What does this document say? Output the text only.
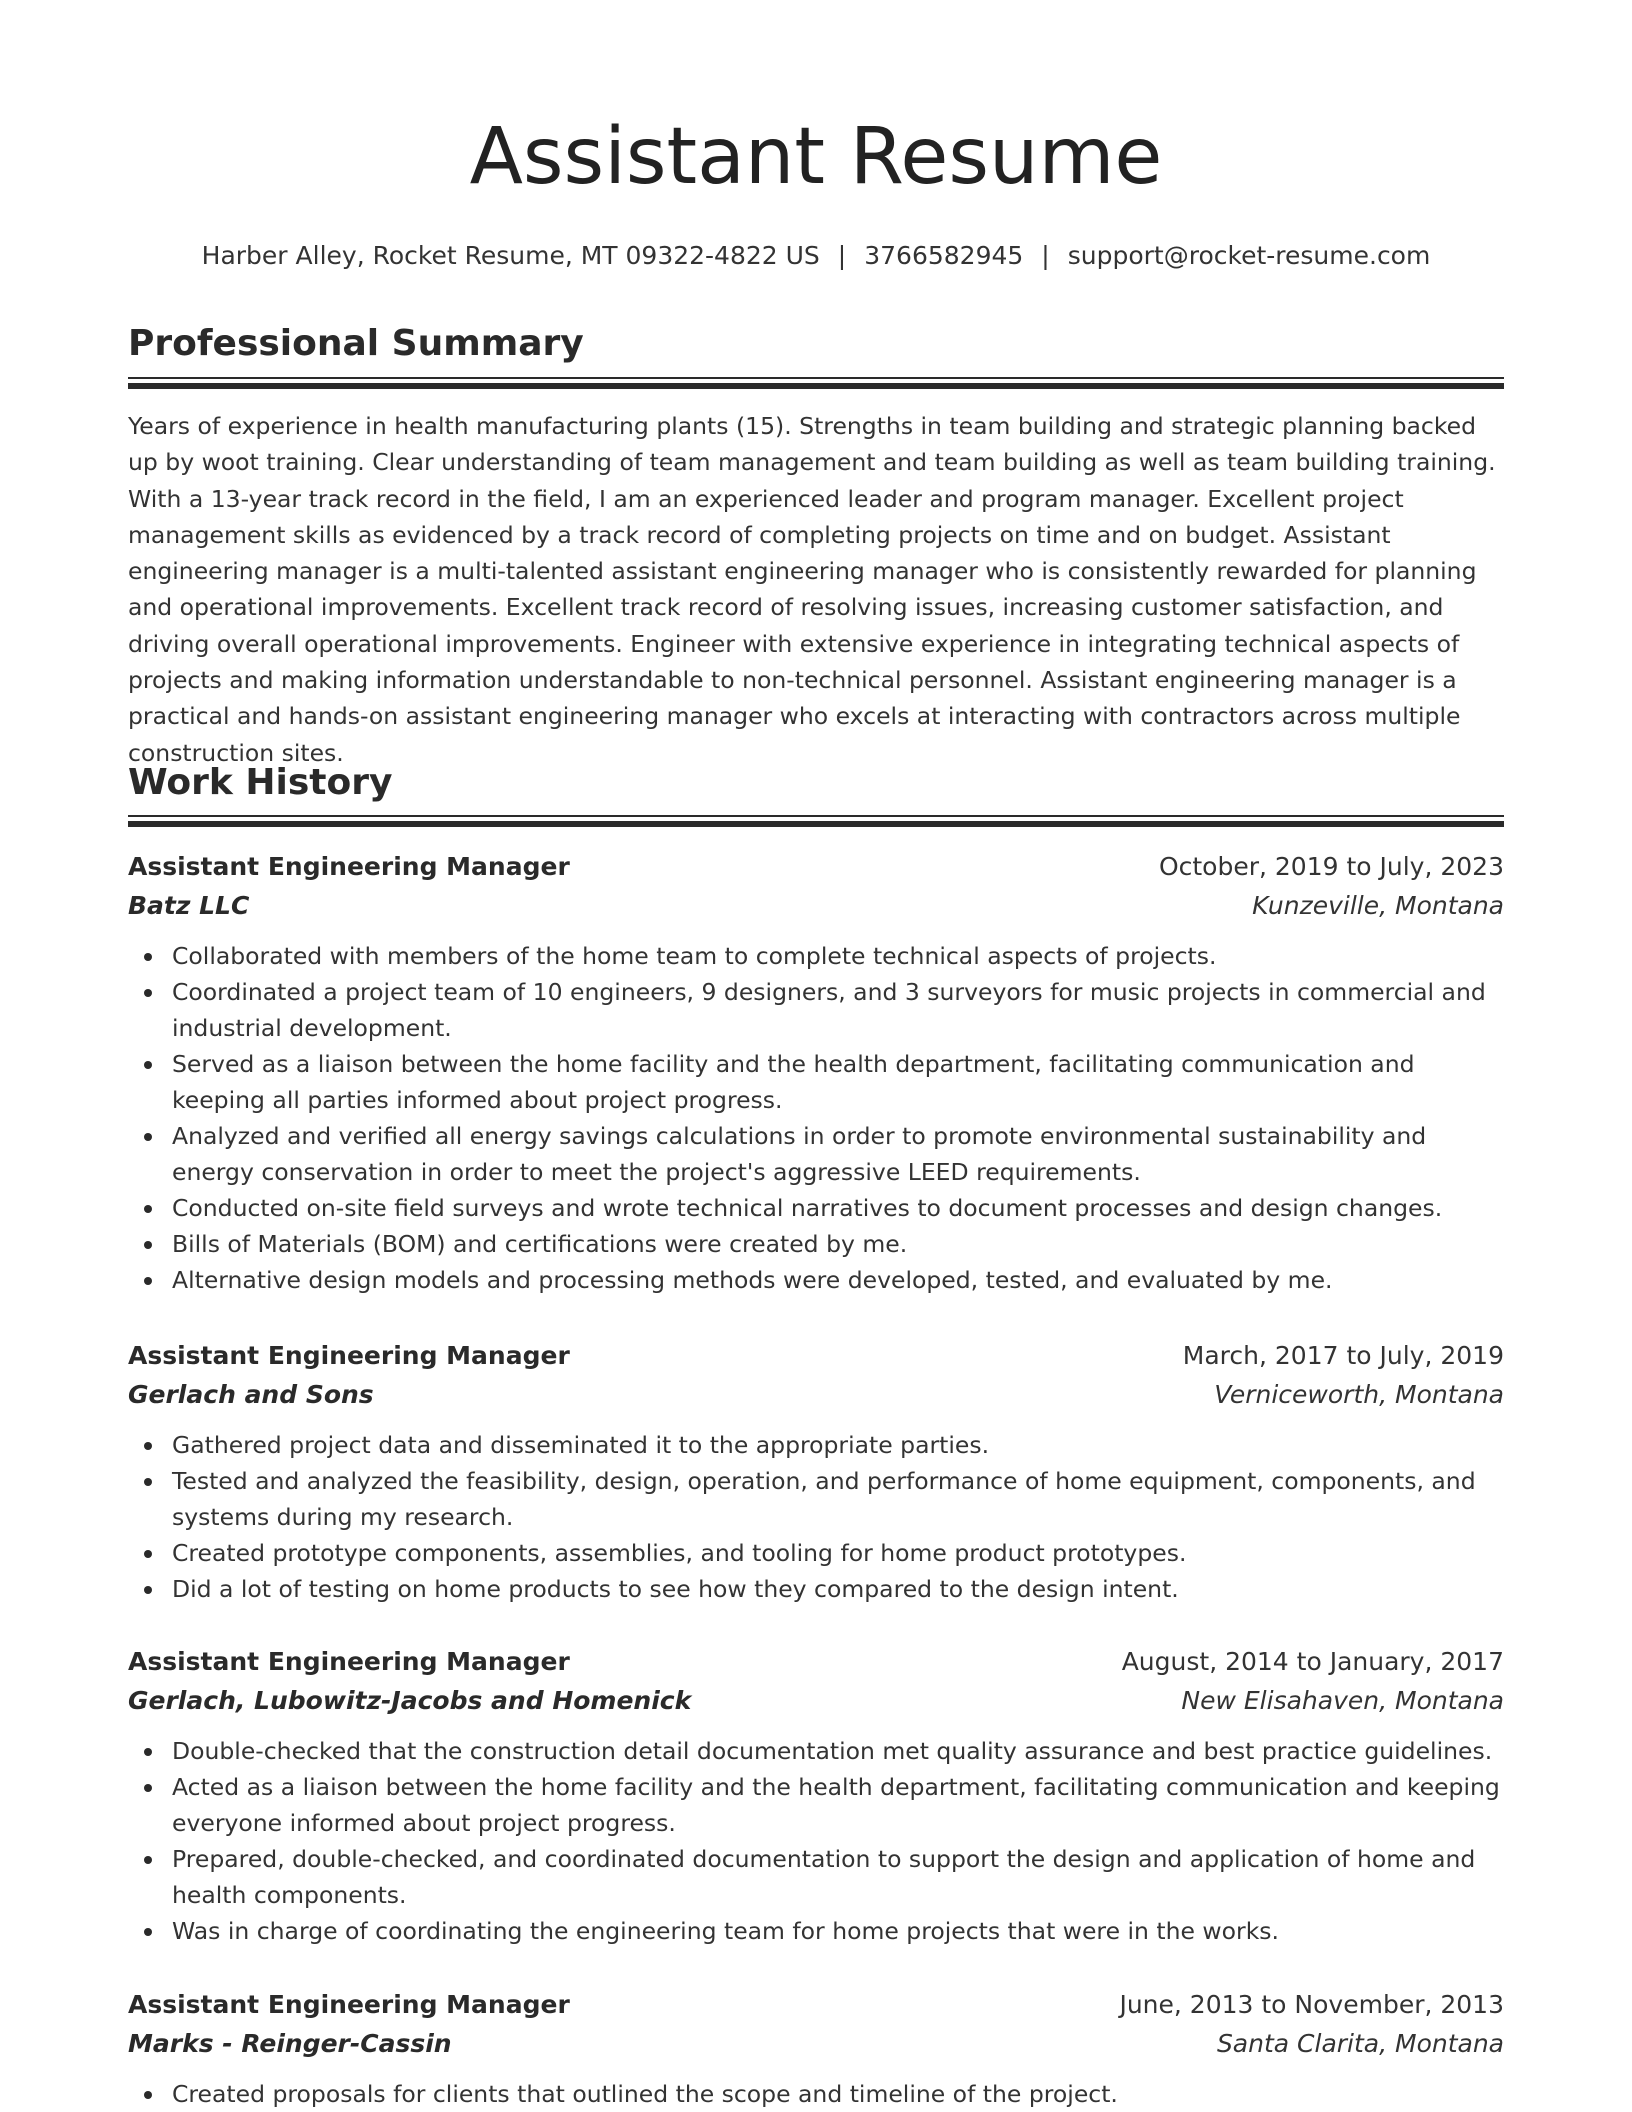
Assistant Resume
Harber Alley, Rocket Resume, MT 09322-4822 US | 3766582945 | support@rocket-resume.com
Professional Summary

Years of experience in health manufacturing plants (15). Strengths in team building and strategic planning backed up by woot training. Clear understanding of team management and team building as well as team building training. With a 13-year track record in the field, I am an experienced leader and program manager. Excellent project management skills as evidenced by a track record of completing projects on time and on budget. Assistant engineering manager is a multi-talented assistant engineering manager who is consistently rewarded for planning and operational improvements. Excellent track record of resolving issues, increasing customer satisfaction, and driving overall operational improvements. Engineer with extensive experience in integrating technical aspects of projects and making information understandable to non-technical personnel. Assistant engineering manager is a practical and hands-on assistant engineering manager who excels at interacting with contractors across multiple construction sites.

Work History
Assistant Engineering Manager	October, 2019 to July, 2023
Batz LLC	Kunzeville, Montana
Collaborated with members of the home team to complete technical aspects of projects.
Coordinated a project team of 10 engineers, 9 designers, and 3 surveyors for music projects in commercial and industrial development.
Served as a liaison between the home facility and the health department, facilitating communication and keeping all parties informed about project progress.
Analyzed and verified all energy savings calculations in order to promote environmental sustainability and energy conservation in order to meet the project's aggressive LEED requirements.
Conducted on-site field surveys and wrote technical narratives to document processes and design changes.
Bills of Materials (BOM) and certifications were created by me.
Alternative design models and processing methods were developed, tested, and evaluated by me.
Assistant Engineering Manager	March, 2017 to July, 2019
Gerlach and Sons	Verniceworth, Montana
Gathered project data and disseminated it to the appropriate parties.
Tested and analyzed the feasibility, design, operation, and performance of home equipment, components, and systems during my research.
Created prototype components, assemblies, and tooling for home product prototypes.
Did a lot of testing on home products to see how they compared to the design intent.
Assistant Engineering Manager	August, 2014 to January, 2017
Gerlach, Lubowitz-Jacobs and Homenick	New Elisahaven, Montana
Double-checked that the construction detail documentation met quality assurance and best practice guidelines.
Acted as a liaison between the home facility and the health department, facilitating communication and keeping everyone informed about project progress.
Prepared, double-checked, and coordinated documentation to support the design and application of home and health components.
Was in charge of coordinating the engineering team for home projects that were in the works.
Assistant Engineering Manager	June, 2013 to November, 2013
Marks - Reinger-Cassin	Santa Clarita, Montana
Created proposals for clients that outlined the scope and timeline of the project.
